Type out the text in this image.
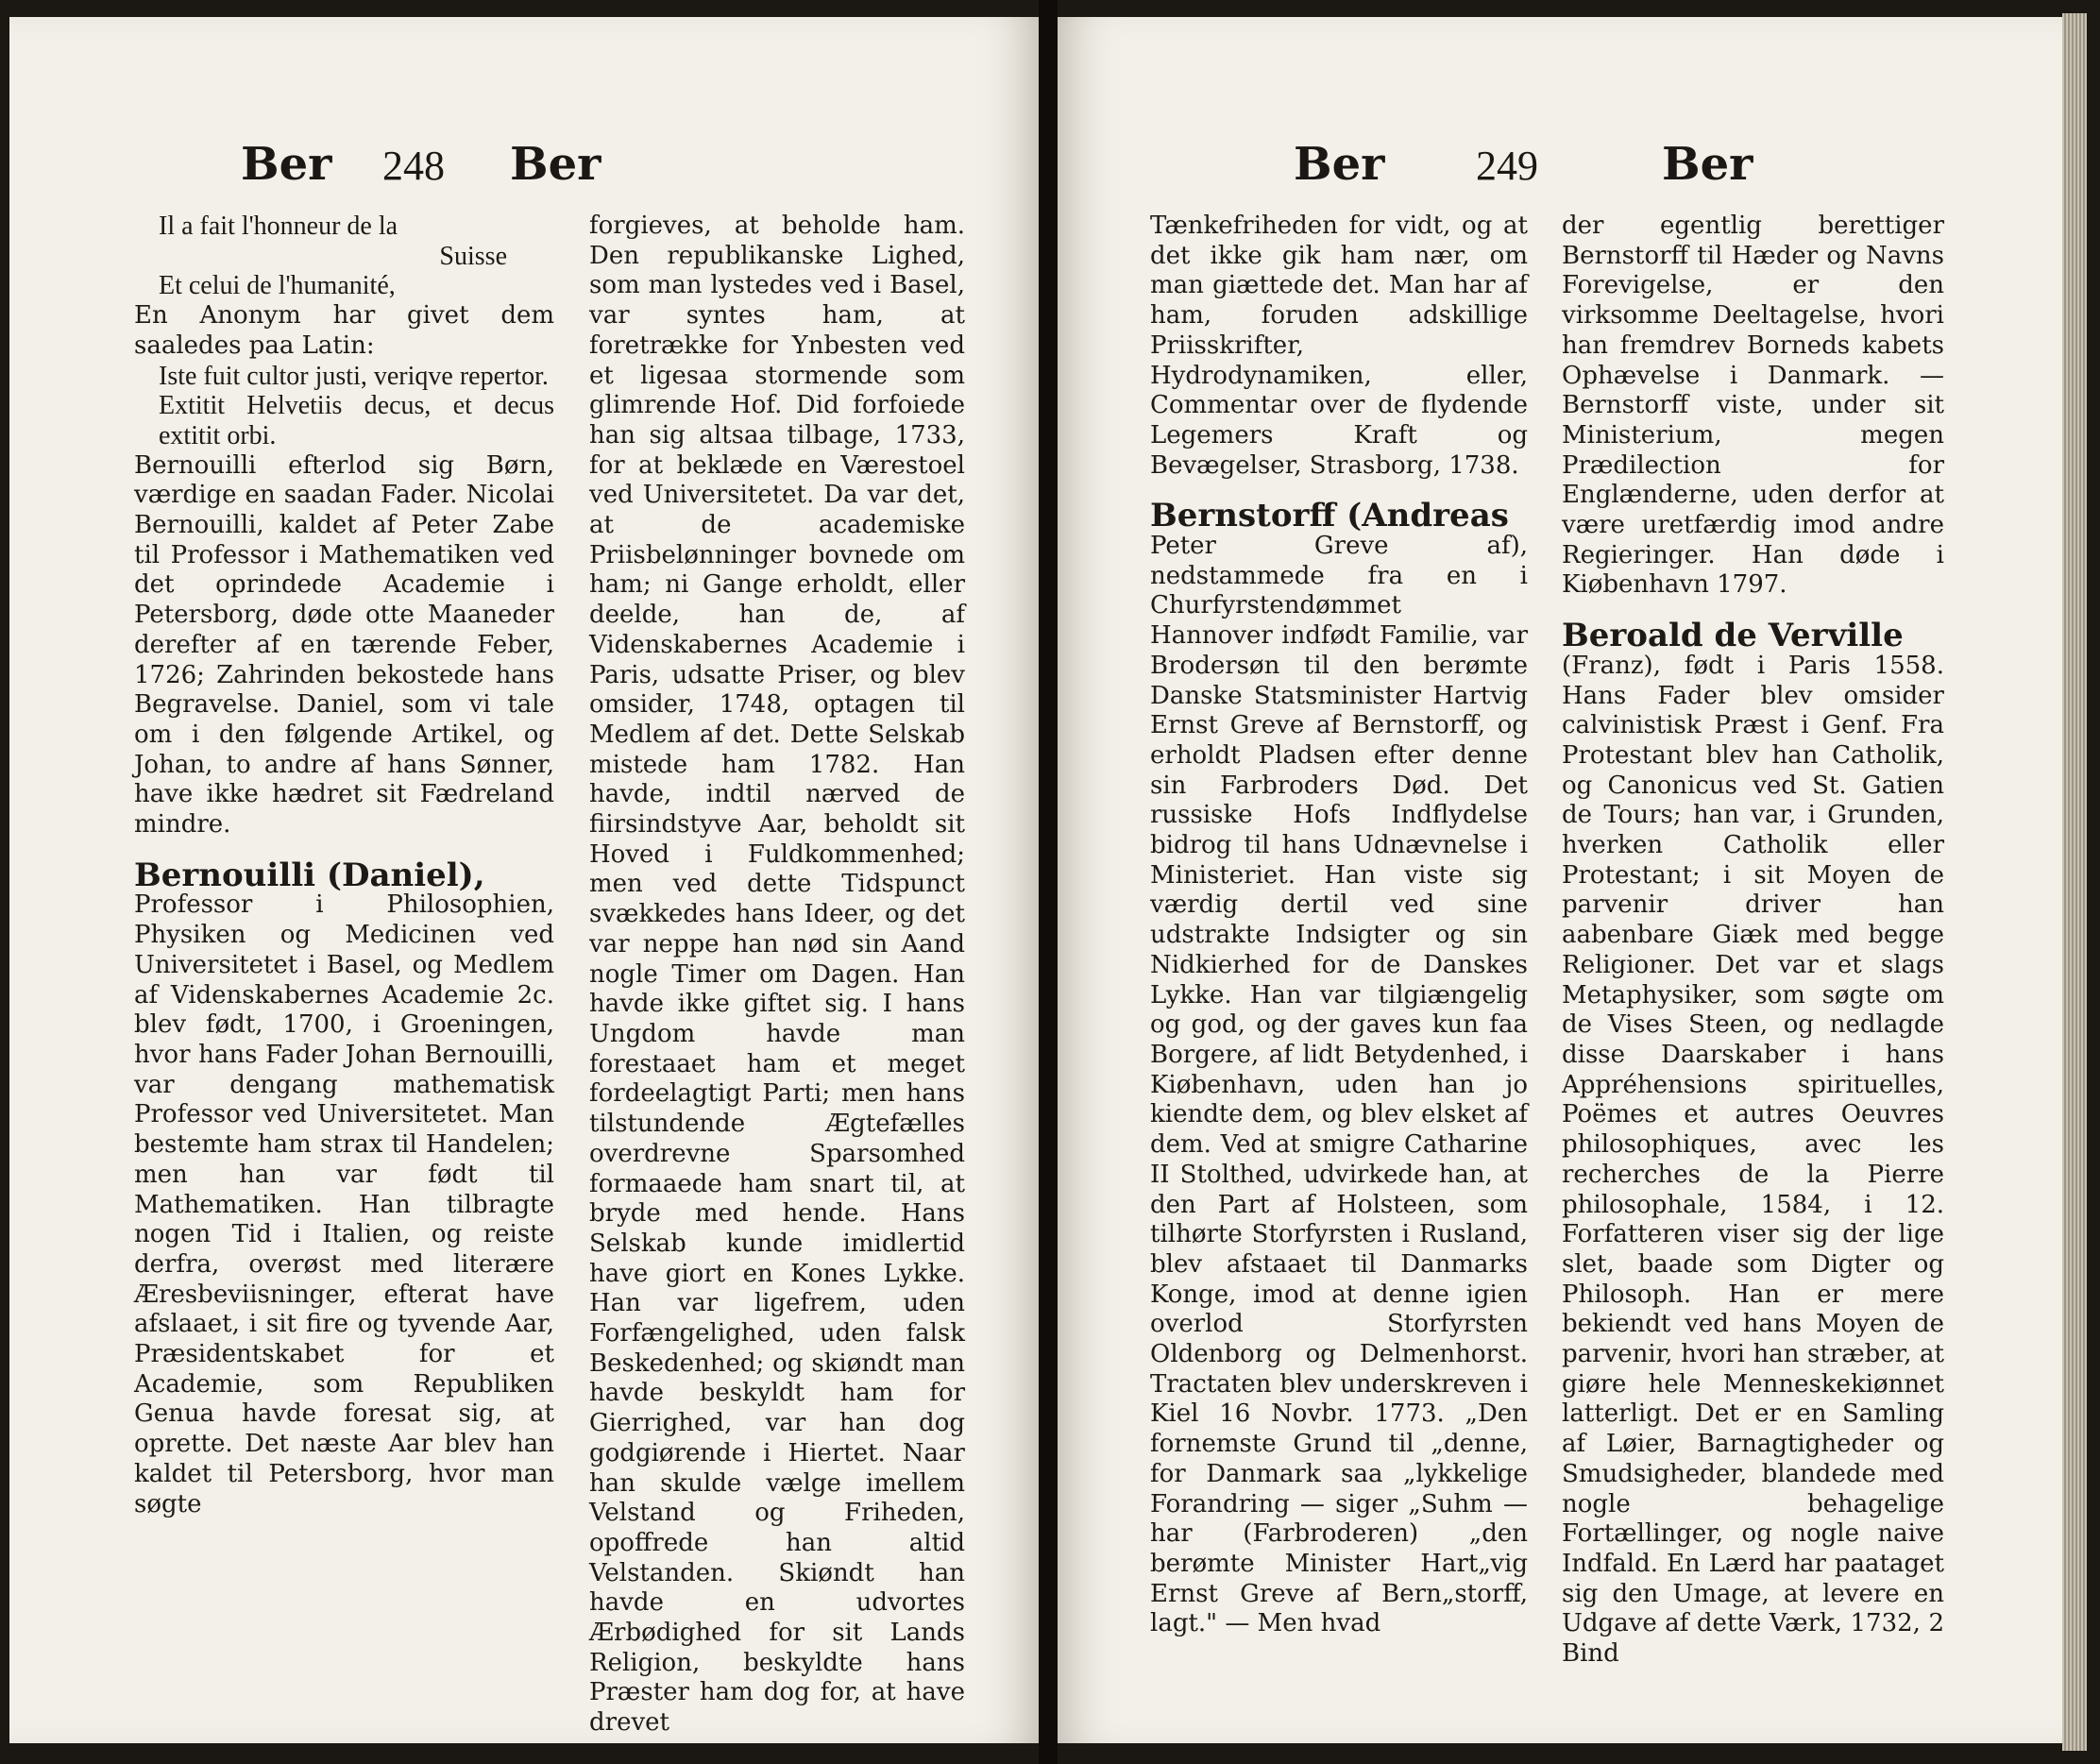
Ber 248 Ber

Il a fait l'honneur de la

Suisse

Et celui de l'humanité,

En Anonym har givet dem saaledes paa Latin:

Iste fuit cultor justi, veriqve repertor.

Extitit Helvetiis decus, et decus extitit orbi.

Bernouilli efterlod sig Børn, værdige en saadan Fader. Nicolai Bernouilli, kaldet af Peter Zabe til Professor i Mathematiken ved det oprindede Academie i Petersborg, døde otte Maaneder derefter af en tærende Feber, 1726; Zahrinden bekostede hans Begravelse. Daniel, som vi tale om i den følgende Artikel, og Johan, to andre af hans Sønner, have ikke hædret sit Fædreland mindre.

Bernouilli (Daniel),

Professor i Philosophien, Physiken og Medicinen ved Universitetet i Basel, og Medlem af Videnskabernes Academie 2c. blev født, 1700, i Groeningen, hvor hans Fader Johan Bernouilli, var dengang mathematisk Professor ved Universitetet. Man bestemte ham strax til Handelen; men han var født til Mathematiken. Han tilbragte nogen Tid i Italien, og reiste derfra, overøst med literære Æresbeviisninger, efterat have afslaaet, i sit fire og tyvende Aar, Præsidentskabet for et Academie, som Republiken Genua havde foresat sig, at oprette. Det næste Aar blev han kaldet til Petersborg, hvor man søgte

forgieves, at beholde ham. Den republikanske Lighed, som man lystedes ved i Basel, var syntes ham, at foretrække for Ynbesten ved et ligesaa stormende som glimrende Hof. Did forfoiede han sig altsaa tilbage, 1733, for at beklæde en Værestoel ved Universitetet. Da var det, at de academiske Priisbelønninger bovnede om ham; ni Gange erholdt, eller deelde, han de, af Videnskabernes Academie i Paris, udsatte Priser, og blev omsider, 1748, optagen til Medlem af det. Dette Selskab mistede ham 1782. Han havde, indtil nærved de fiirsindstyve Aar, beholdt sit Hoved i Fuldkommenhed; men ved dette Tidspunct svækkedes hans Ideer, og det var neppe han nød sin Aand nogle Timer om Dagen. Han havde ikke giftet sig. I hans Ungdom havde man forestaaet ham et meget fordeelagtigt Parti; men hans tilstundende Ægtefælles overdrevne Sparsomhed formaaede ham snart til, at bryde med hende. Hans Selskab kunde imidlertid have giort en Kones Lykke. Han var ligefrem, uden Forfængelighed, uden falsk Beskedenhed; og skiøndt man havde beskyldt ham for Gierrighed, var han dog godgiørende i Hiertet. Naar han skulde vælge imellem Velstand og Friheden, opoffrede han altid Velstanden. Skiøndt han havde en udvortes Ærbødighed for sit Lands Religion, beskyldte hans Præster ham dog for, at have drevet

Ber 249	Ber

Tænkefriheden for vidt, og at det ikke gik ham nær, om man giættede det. Man har af ham, foruden adskillige Priisskrifter, Hydrodynamiken, eller, Commentar over de flydende Legemers Kraft og Bevægelser, Strasborg, 1738.

Bernstorff (Andreas

Peter Greve af), nedstammede fra en i Churfyrstendømmet Hannover indfødt Familie, var Brodersøn til den berømte Danske Statsminister Hartvig Ernst Greve af Bernstorff, og erholdt Pladsen efter denne sin Farbroders Død. Det russiske Hofs Indflydelse bidrog til hans Udnævnelse i Ministeriet. Han viste sig værdig dertil ved sine udstrakte Indsigter og sin Nidkierhed for de Danskes Lykke. Han var tilgiængelig og god, og der gaves kun faa Borgere, af lidt Betydenhed, i Kiøbenhavn, uden han jo kiendte dem, og blev elsket af dem. Ved at smigre Catharine II Stolthed, udvirkede han, at den Part af Holsteen, som tilhørte Storfyrsten i Rusland, blev afstaaet til Danmarks Konge, imod at denne igien overlod Storfyrsten Oldenborg og Delmenhorst. Tractaten blev underskreven i Kiel 16 Novbr. 1773. „Den fornemste Grund til „denne, for Danmark saa „lykkelige Forandring — siger „Suhm — har (Farbroderen) „den berømte Minister Hart„vig Ernst Greve af Bern„storff, lagt." — Men hvad

der egentlig berettiger Bernstorff til Hæder og Navns Forevigelse, er den virksomme Deeltagelse, hvori han fremdrev Borneds kabets Ophævelse i Danmark. — Bernstorff viste, under sit Ministerium, megen Prædilection for Englænderne, uden derfor at være uretfærdig imod andre Regieringer. Han døde i Kiøbenhavn 1797.

Beroald de Verville

(Franz), født i Paris 1558. Hans Fader blev omsider calvinistisk Præst i Genf. Fra Protestant blev han Catholik, og Canonicus ved St. Gatien de Tours; han var, i Grunden, hverken Catholik eller Protestant; i sit Moyen de parvenir driver han aabenbare Giæk med begge Religioner. Det var et slags Metaphysiker, som søgte om de Vises Steen, og nedlagde disse Daarskaber i hans Appréhensions spirituelles, Poëmes et autres Oeuvres philosophiques, avec les recherches de la Pierre philosophale, 1584, i 12. Forfatteren viser sig der lige slet, baade som Digter og Philosoph. Han er mere bekiendt ved hans Moyen de parvenir, hvori han stræber, at giøre hele Menneskekiønnet latterligt. Det er en Samling af Løier, Barnagtigheder og Smudsigheder, blandede med nogle behagelige Fortællinger, og nogle naive Indfald. En Lærd har paataget sig den Umage, at levere en Udgave af dette Værk, 1732, 2 Bind
